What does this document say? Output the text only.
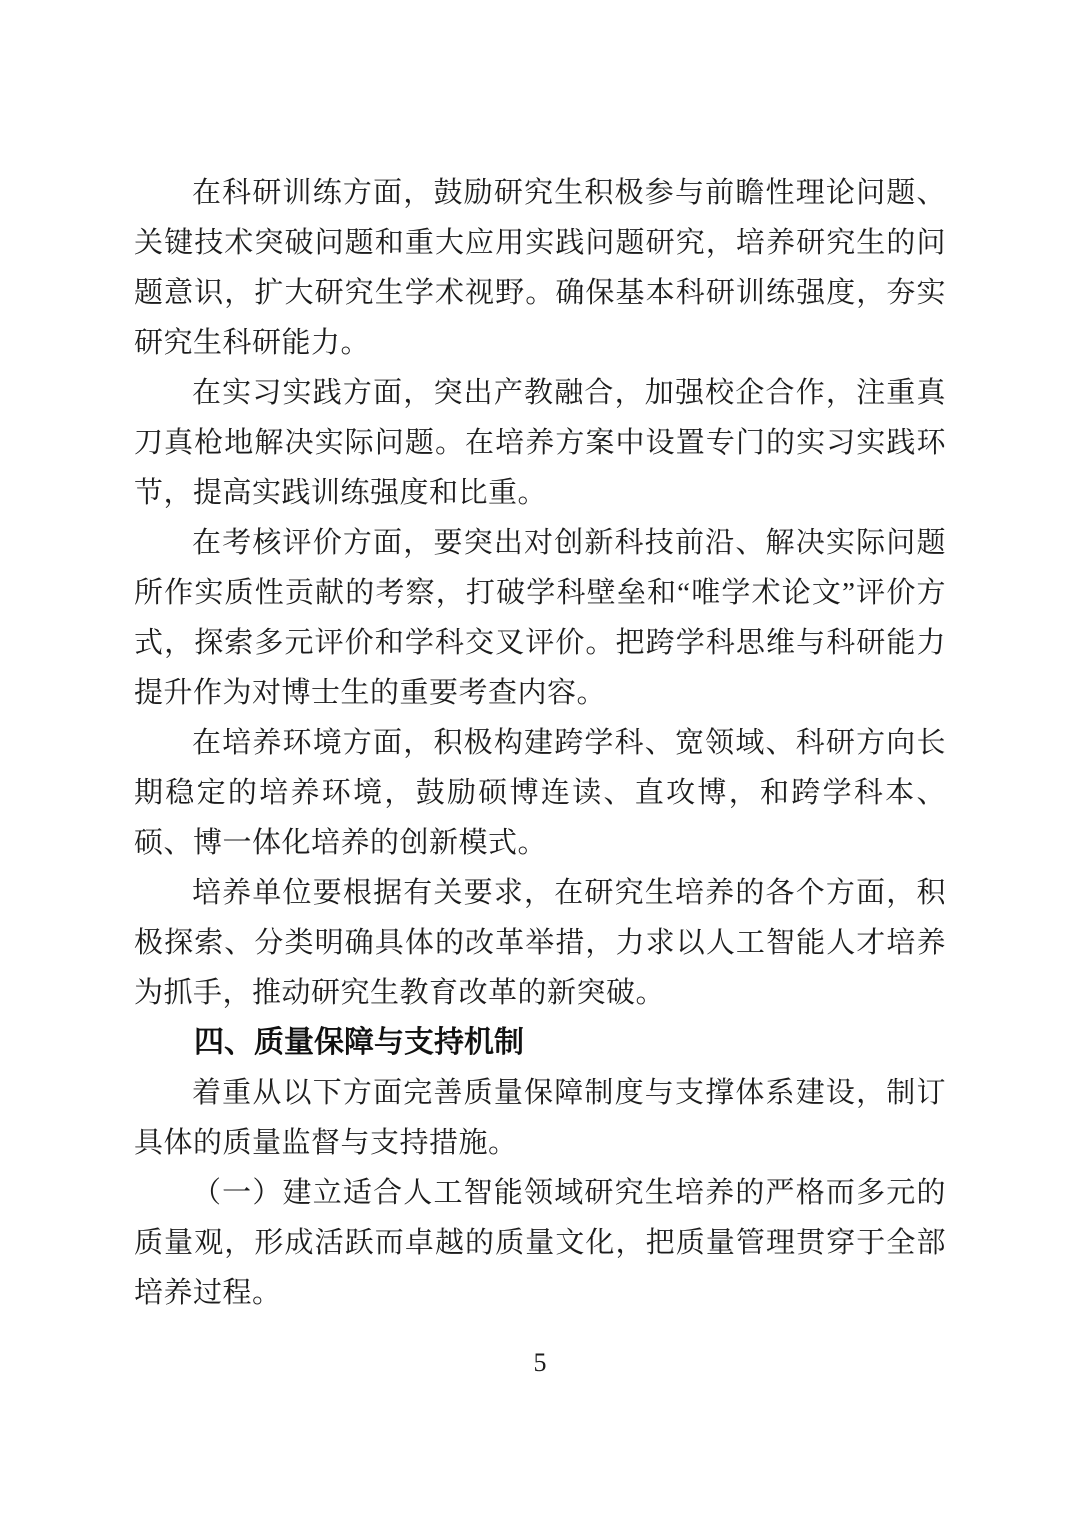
在科研训练方面，鼓励研究生积极参与前瞻性理论问题、关键技术突破问题和重大应用实践问题研究，培养研究生的问题意识，扩大研究生学术视野。确保基本科研训练强度，夯实研究生科研能力。

在实习实践方面，突出产教融合，加强校企合作，注重真刀真枪地解决实际问题。在培养方案中设置专门的实习实践环节，提高实践训练强度和比重。

在考核评价方面，要突出对创新科技前沿、解决实际问题所作实质性贡献的考察，打破学科壁垒和“唯学术论文”评价方式，探索多元评价和学科交叉评价。把跨学科思维与科研能力提升作为对博士生的重要考查内容。

在培养环境方面，积极构建跨学科、宽领域、科研方向长期稳定的培养环境，鼓励硕博连读、直攻博，和跨学科本、硕、博一体化培养的创新模式。

培养单位要根据有关要求，在研究生培养的各个方面，积极探索、分类明确具体的改革举措，力求以人工智能人才培养为抓手，推动研究生教育改革的新突破。

四、质量保障与支持机制

着重从以下方面完善质量保障制度与支撑体系建设，制订具体的质量监督与支持措施。

（一）建立适合人工智能领域研究生培养的严格而多元的质量观，形成活跃而卓越的质量文化，把质量管理贯穿于全部培养过程。

5
